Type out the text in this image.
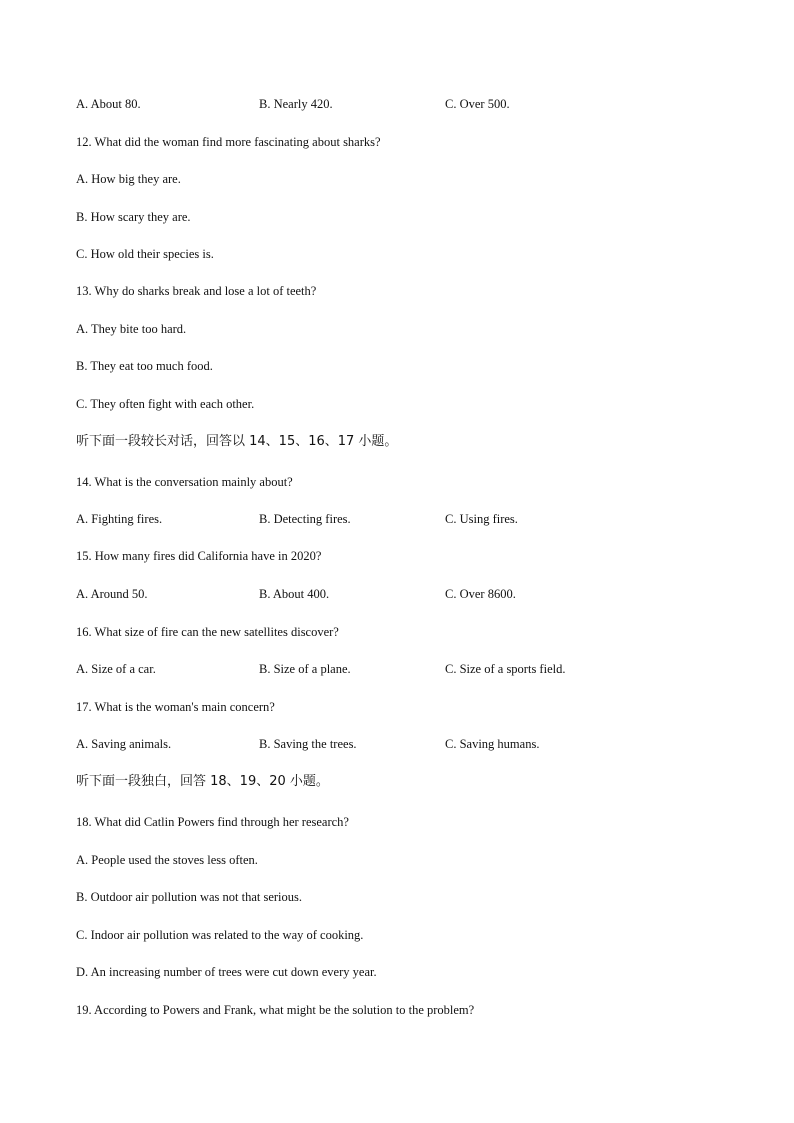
A. About 80.	B. Nearly 420.	C. Over 500.
12. What did the woman find more fascinating about sharks?
A. How big they are.
B. How scary they are.
C. How old their species is.
13. Why do sharks break and lose a lot of teeth?
A. They bite too hard.
B. They eat too much food.
C. They often fight with each other.
听下面一段较长对话，回答以 14、15、16、17 小题。
14. What is the conversation mainly about?
A. Fighting fires.	B. Detecting fires.	C. Using fires.
15. How many fires did California have in 2020?
A. Around 50.	B. About 400.	C. Over 8600.
16. What size of fire can the new satellites discover?
A. Size of a car.	B. Size of a plane.	C. Size of a sports field.
17. What is the woman's main concern?
A. Saving animals.	B. Saving the trees.	C. Saving humans.
听下面一段独白，回答 18、19、20 小题。
18. What did Catlin Powers find through her research?
A. People used the stoves less often.
B. Outdoor air pollution was not that serious.
C. Indoor air pollution was related to the way of cooking.
D. An increasing number of trees were cut down every year.
19. According to Powers and Frank, what might be the solution to the problem?
